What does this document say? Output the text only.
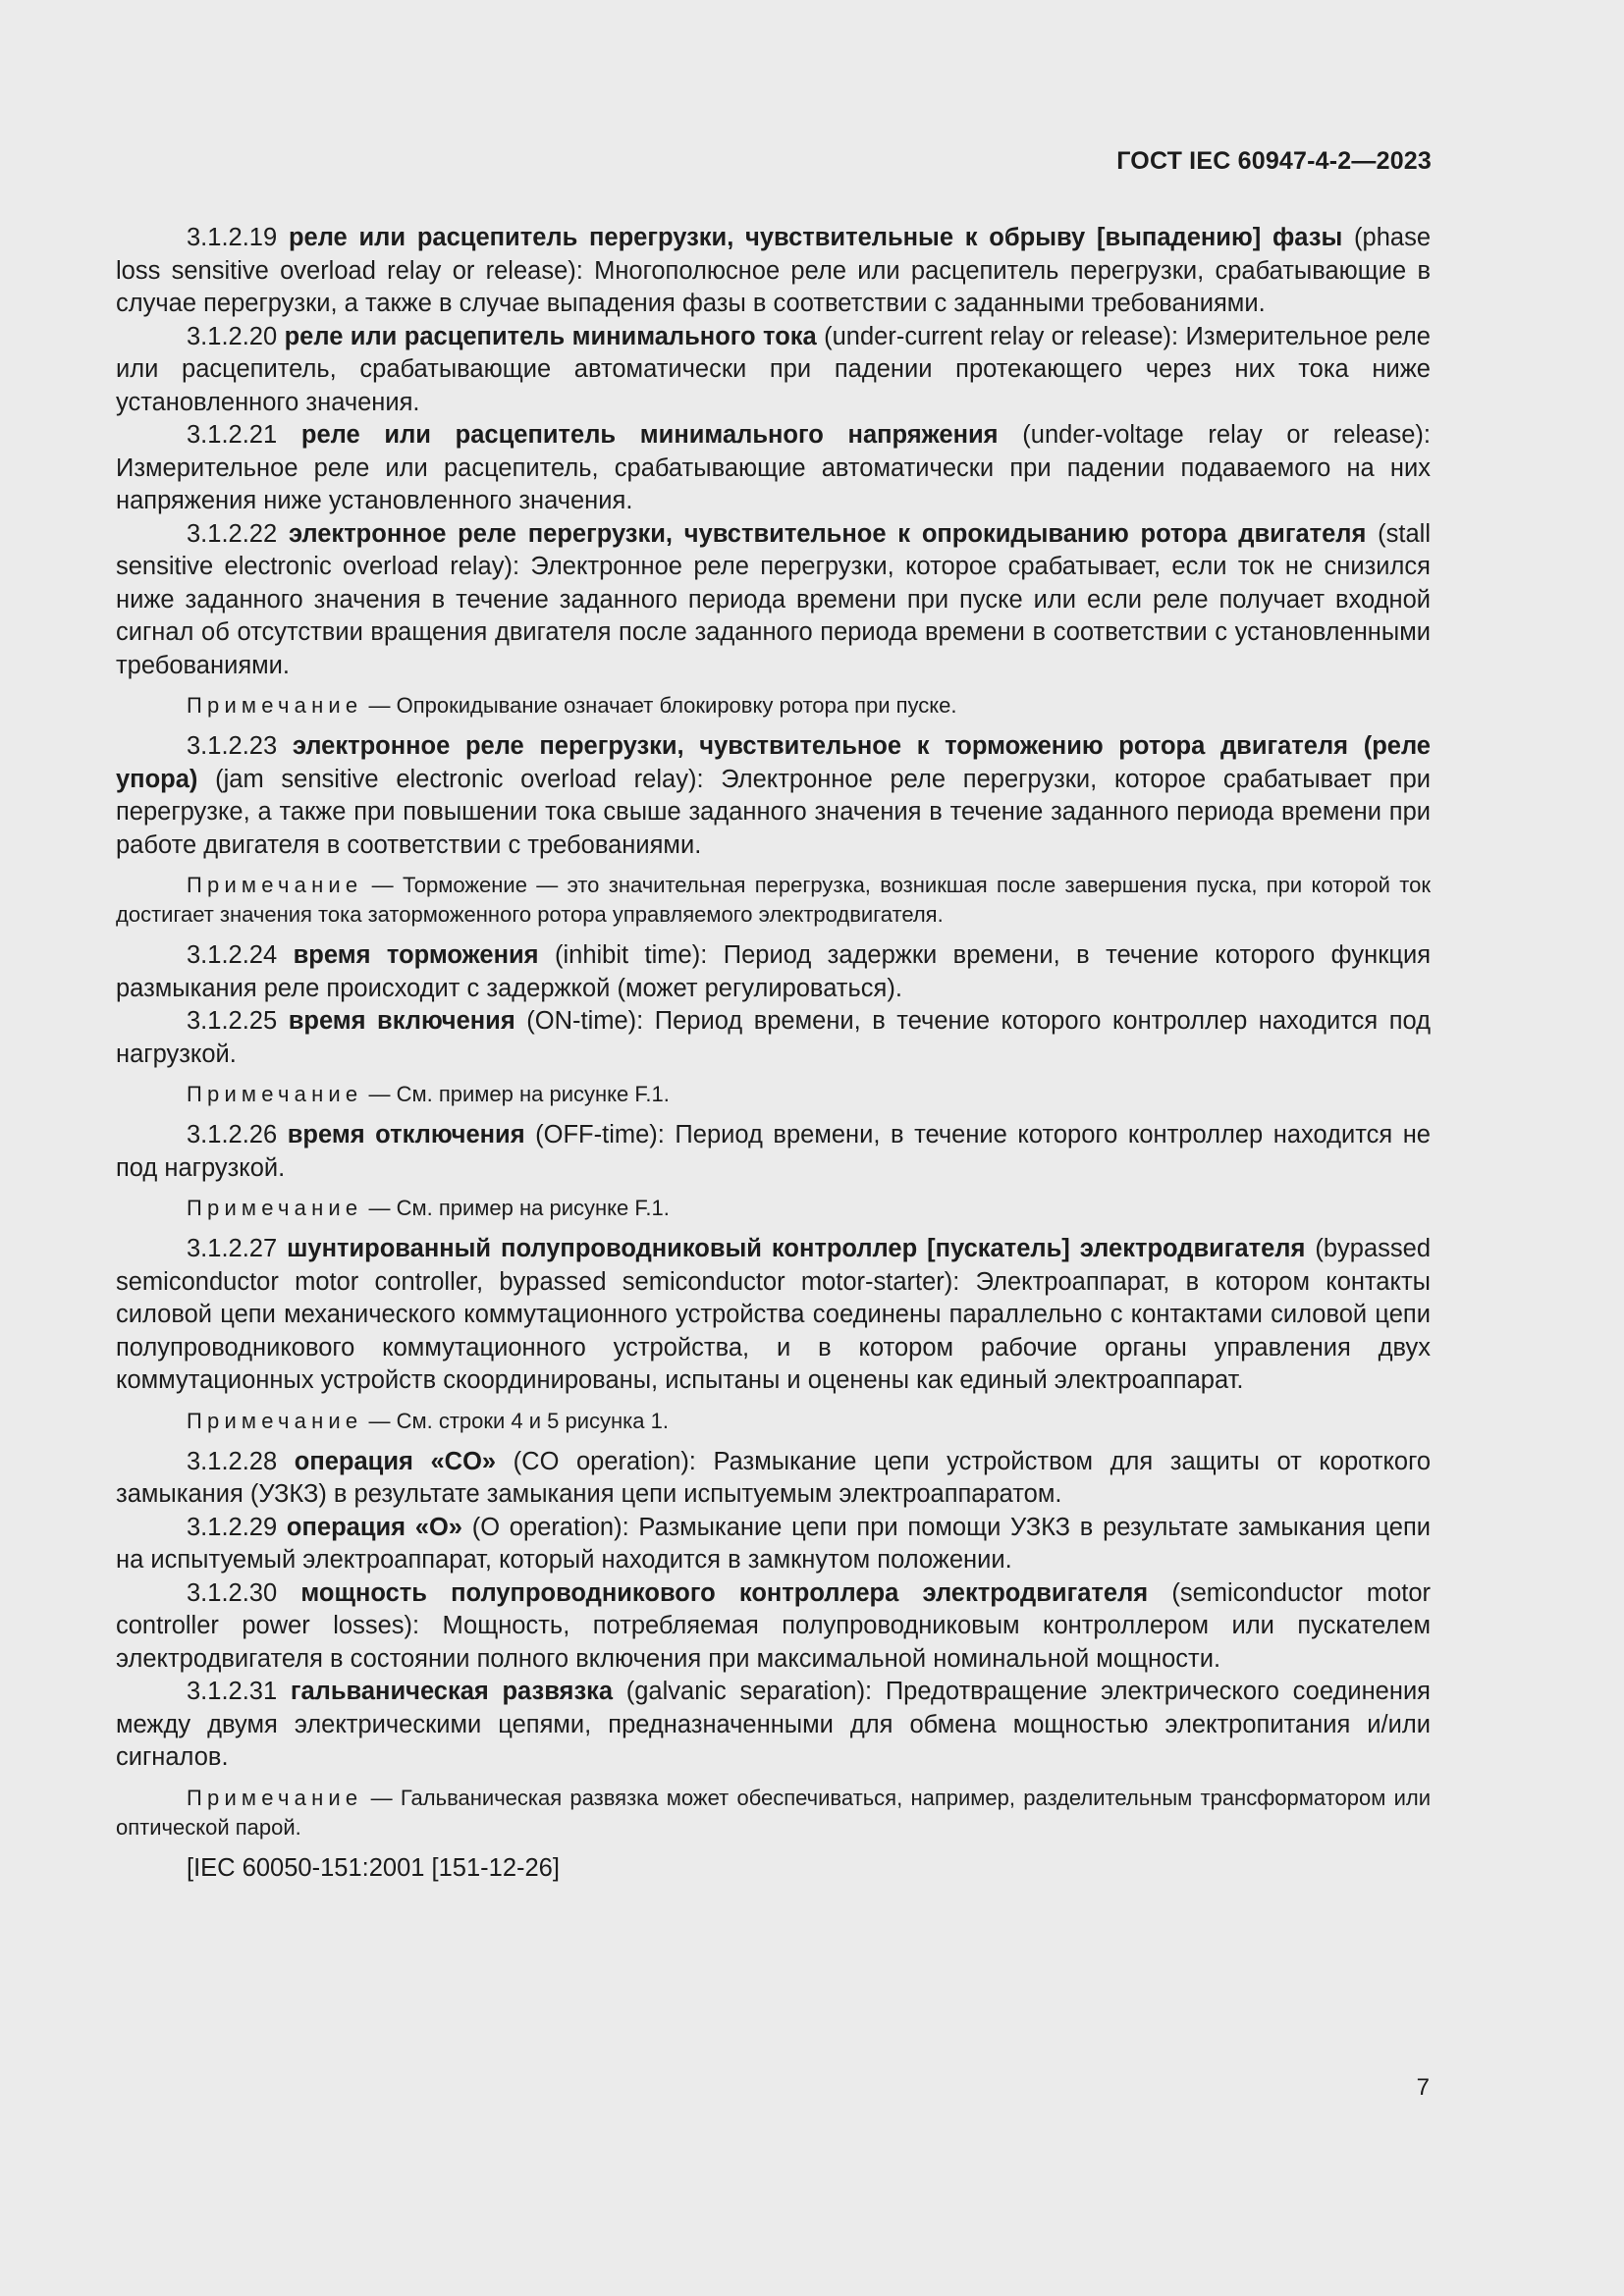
ГОСТ IEC 60947-4-2—2023

3.1.2.19 реле или расцепитель перегрузки, чувствительные к обрыву [выпадению] фазы (phase loss sensitive overload relay or release): Многополюсное реле или расцепитель перегрузки, срабатывающие в случае перегрузки, а также в случае выпадения фазы в соответствии с заданными требованиями.

3.1.2.20 реле или расцепитель минимального тока (under-current relay or release): Измерительное реле или расцепитель, срабатывающие автоматически при падении протекающего через них тока ниже установленного значения.

3.1.2.21 реле или расцепитель минимального напряжения (under-voltage relay or release): Измерительное реле или расцепитель, срабатывающие автоматически при падении подаваемого на них напряжения ниже установленного значения.

3.1.2.22 электронное реле перегрузки, чувствительное к опрокидыванию ротора двигателя (stall sensitive electronic overload relay): Электронное реле перегрузки, которое срабатывает, если ток не снизился ниже заданного значения в течение заданного периода времени при пуске или если реле получает входной сигнал об отсутствии вращения двигателя после заданного периода времени в соответствии с установленными требованиями.

Примечание — Опрокидывание означает блокировку ротора при пуске.

3.1.2.23 электронное реле перегрузки, чувствительное к торможению ротора двигателя (реле упора) (jam sensitive electronic overload relay): Электронное реле перегрузки, которое срабатывает при перегрузке, а также при повышении тока свыше заданного значения в течение заданного периода времени при работе двигателя в соответствии с требованиями.

Примечание — Торможение — это значительная перегрузка, возникшая после завершения пуска, при которой ток достигает значения тока заторможенного ротора управляемого электродвигателя.

3.1.2.24 время торможения (inhibit time): Период задержки времени, в течение которого функция размыкания реле происходит с задержкой (может регулироваться).

3.1.2.25 время включения (ON-time): Период времени, в течение которого контроллер находится под нагрузкой.

Примечание — См. пример на рисунке F.1.

3.1.2.26 время отключения (OFF-time): Период времени, в течение которого контроллер находится не под нагрузкой.

Примечание — См. пример на рисунке F.1.

3.1.2.27 шунтированный полупроводниковый контроллер [пускатель] электродвигателя (bypassed semiconductor motor controller, bypassed semiconductor motor-starter): Электроаппарат, в котором контакты силовой цепи механического коммутационного устройства соединены параллельно с контактами силовой цепи полупроводникового коммутационного устройства, и в котором рабочие органы управления двух коммутационных устройств скоординированы, испытаны и оценены как единый электроаппарат.

Примечание — См. строки 4 и 5 рисунка 1.

3.1.2.28 операция «CO» (CO operation): Размыкание цепи устройством для защиты от короткого замыкания (УЗКЗ) в результате замыкания цепи испытуемым электроаппаратом.

3.1.2.29 операция «O» (O operation): Размыкание цепи при помощи УЗКЗ в результате замыкания цепи на испытуемый электроаппарат, который находится в замкнутом положении.

3.1.2.30 мощность полупроводникового контроллера электродвигателя (semiconductor motor controller power losses): Мощность, потребляемая полупроводниковым контроллером или пускателем электродвигателя в состоянии полного включения при максимальной номинальной мощности.

3.1.2.31 гальваническая развязка (galvanic separation): Предотвращение электрического соединения между двумя электрическими цепями, предназначенными для обмена мощностью электропитания и/или сигналов.

Примечание — Гальваническая развязка может обеспечиваться, например, разделительным трансформатором или оптической парой.
[IEC 60050-151:2001 [151-12-26]
7
